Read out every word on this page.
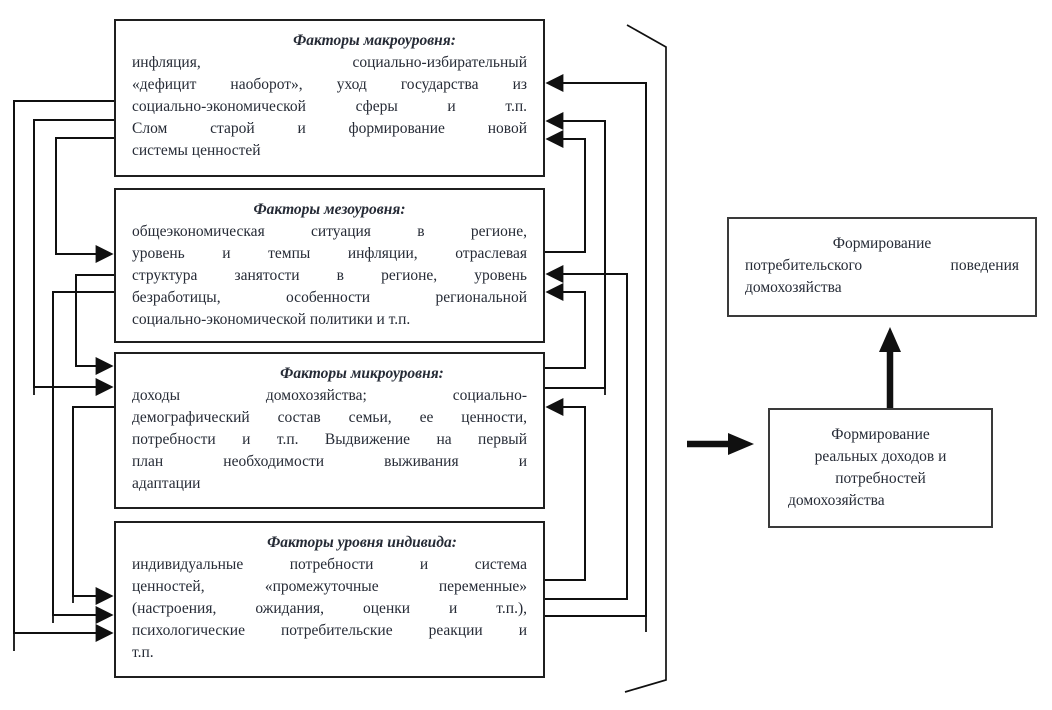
Факторы макроуровня:
инфляция, социально-избирательный
«дефицит наоборот», уход государства из
социально-экономической сферы и т.п.
Слом старой и формирование новой
системы ценностей
Факторы мезоуровня:
общеэкономическая ситуация в регионе,
уровень и темпы инфляции, отраслевая
структура занятости в регионе, уровень
безработицы, особенности региональной
социально-экономической политики и т.п.
Факторы микроуровня:
доходы домохозяйства; социально-
демографический состав семьи, ее ценности,
потребности и т.п. Выдвижение на первый
план необходимости выживания и
адаптации
Факторы уровня индивида:
индивидуальные потребности и система
ценностей, «промежуточные переменные»
(настроения, ожидания, оценки и т.п.),
психологические потребительские реакции и
т.п.
Формирование
потребительского поведения
домохозяйства
Формирование
реальных доходов и
потребностей
домохозяйства
